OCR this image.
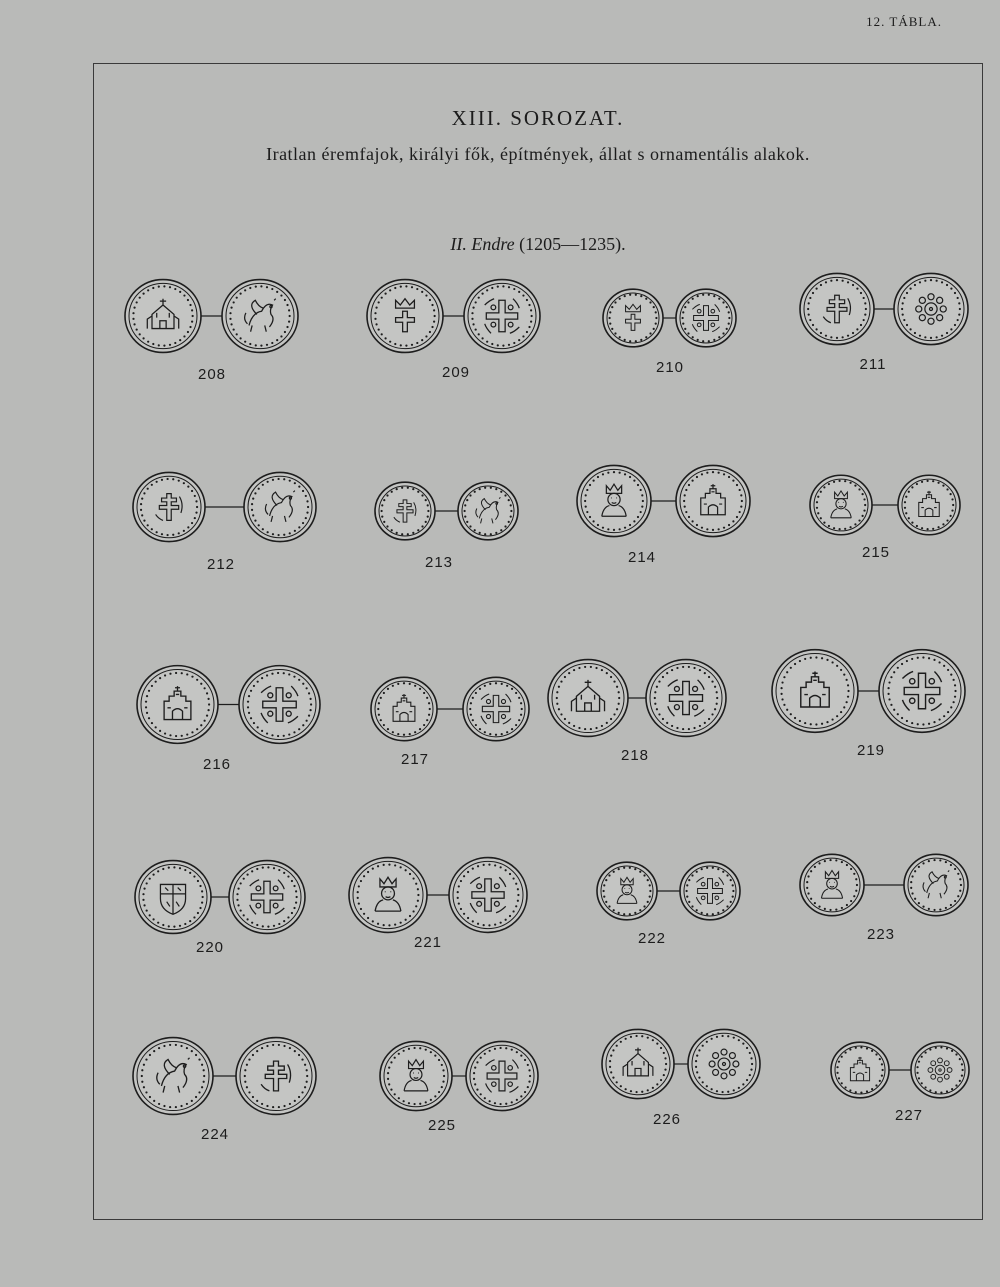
12. TÁBLA.
XIII. SOROZAT.
Iratlan éremfajok, királyi fők, építmények, állat s ornamentális alakok.
II. Endre (1205—1235).
208	209	210	211
212	213	214	215
216	217	218	219
220	221	222	223
224
225	226	227
